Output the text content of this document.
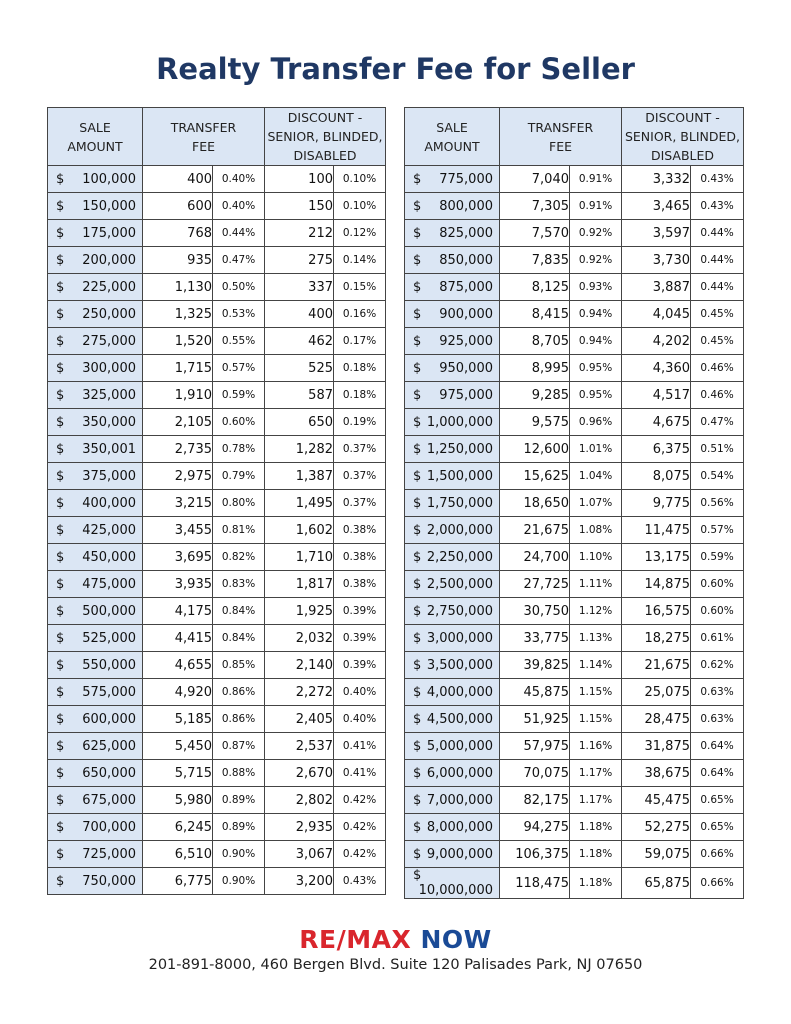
Realty Transfer Fee for Seller
SALE
AMOUNT	TRANSFER
FEE		DISCOUNT -
SENIOR, BLINDED,
DISABLED	

$ 100,000	400	0.40%	100	0.10%

$ 150,000	600	0.40%	150	0.10%

$ 175,000	768	0.44%	212	0.12%

$ 200,000	935	0.47%	275	0.14%

$ 225,000	1,130	0.50%	337	0.15%

$ 250,000	1,325	0.53%	400	0.16%

$ 275,000	1,520	0.55%	462	0.17%

$ 300,000	1,715	0.57%	525	0.18%

$ 325,000	1,910	0.59%	587	0.18%

$ 350,000	2,105	0.60%	650	0.19%

$ 350,001	2,735	0.78%	1,282	0.37%

$ 375,000	2,975	0.79%	1,387	0.37%

$ 400,000	3,215	0.80%	1,495	0.37%

$ 425,000	3,455	0.81%	1,602	0.38%

$ 450,000	3,695	0.82%	1,710	0.38%

$ 475,000	3,935	0.83%	1,817	0.38%

$ 500,000	4,175	0.84%	1,925	0.39%

$ 525,000	4,415	0.84%	2,032	0.39%

$ 550,000	4,655	0.85%	2,140	0.39%

$ 575,000	4,920	0.86%	2,272	0.40%

$ 600,000	5,185	0.86%	2,405	0.40%

$ 625,000	5,450	0.87%	2,537	0.41%

$ 650,000	5,715	0.88%	2,670	0.41%

$ 675,000	5,980	0.89%	2,802	0.42%

$ 700,000	6,245	0.89%	2,935	0.42%

$ 725,000	6,510	0.90%	3,067	0.42%

$ 750,000	6,775	0.90%	3,200	0.43%
SALE
AMOUNT	TRANSFER
FEE		DISCOUNT -
SENIOR, BLINDED,
DISABLED	

$ 775,000	7,040	0.91%	3,332	0.43%

$ 800,000	7,305	0.91%	3,465	0.43%

$ 825,000	7,570	0.92%	3,597	0.44%

$ 850,000	7,835	0.92%	3,730	0.44%

$ 875,000	8,125	0.93%	3,887	0.44%

$ 900,000	8,415	0.94%	4,045	0.45%

$ 925,000	8,705	0.94%	4,202	0.45%

$ 950,000	8,995	0.95%	4,360	0.46%

$ 975,000	9,285	0.95%	4,517	0.46%

$ 1,000,000	9,575	0.96%	4,675	0.47%

$ 1,250,000	12,600	1.01%	6,375	0.51%

$ 1,500,000	15,625	1.04%	8,075	0.54%

$ 1,750,000	18,650	1.07%	9,775	0.56%

$ 2,000,000	21,675	1.08%	11,475	0.57%

$ 2,250,000	24,700	1.10%	13,175	0.59%

$ 2,500,000	27,725	1.11%	14,875	0.60%

$ 2,750,000	30,750	1.12%	16,575	0.60%

$ 3,000,000	33,775	1.13%	18,275	0.61%

$ 3,500,000	39,825	1.14%	21,675	0.62%

$ 4,000,000	45,875	1.15%	25,075	0.63%

$ 4,500,000	51,925	1.15%	28,475	0.63%

$ 5,000,000	57,975	1.16%	31,875	0.64%

$ 6,000,000	70,075	1.17%	38,675	0.64%

$ 7,000,000	82,175	1.17%	45,475	0.65%

$ 8,000,000	94,275	1.18%	52,275	0.65%

$ 9,000,000	106,375	1.18%	59,075	0.66%

$
10,000,000	118,475	1.18%	65,875	0.66%
RE/MAX NOW
201-891-8000, 460 Bergen Blvd. Suite 120 Palisades Park, NJ 07650
